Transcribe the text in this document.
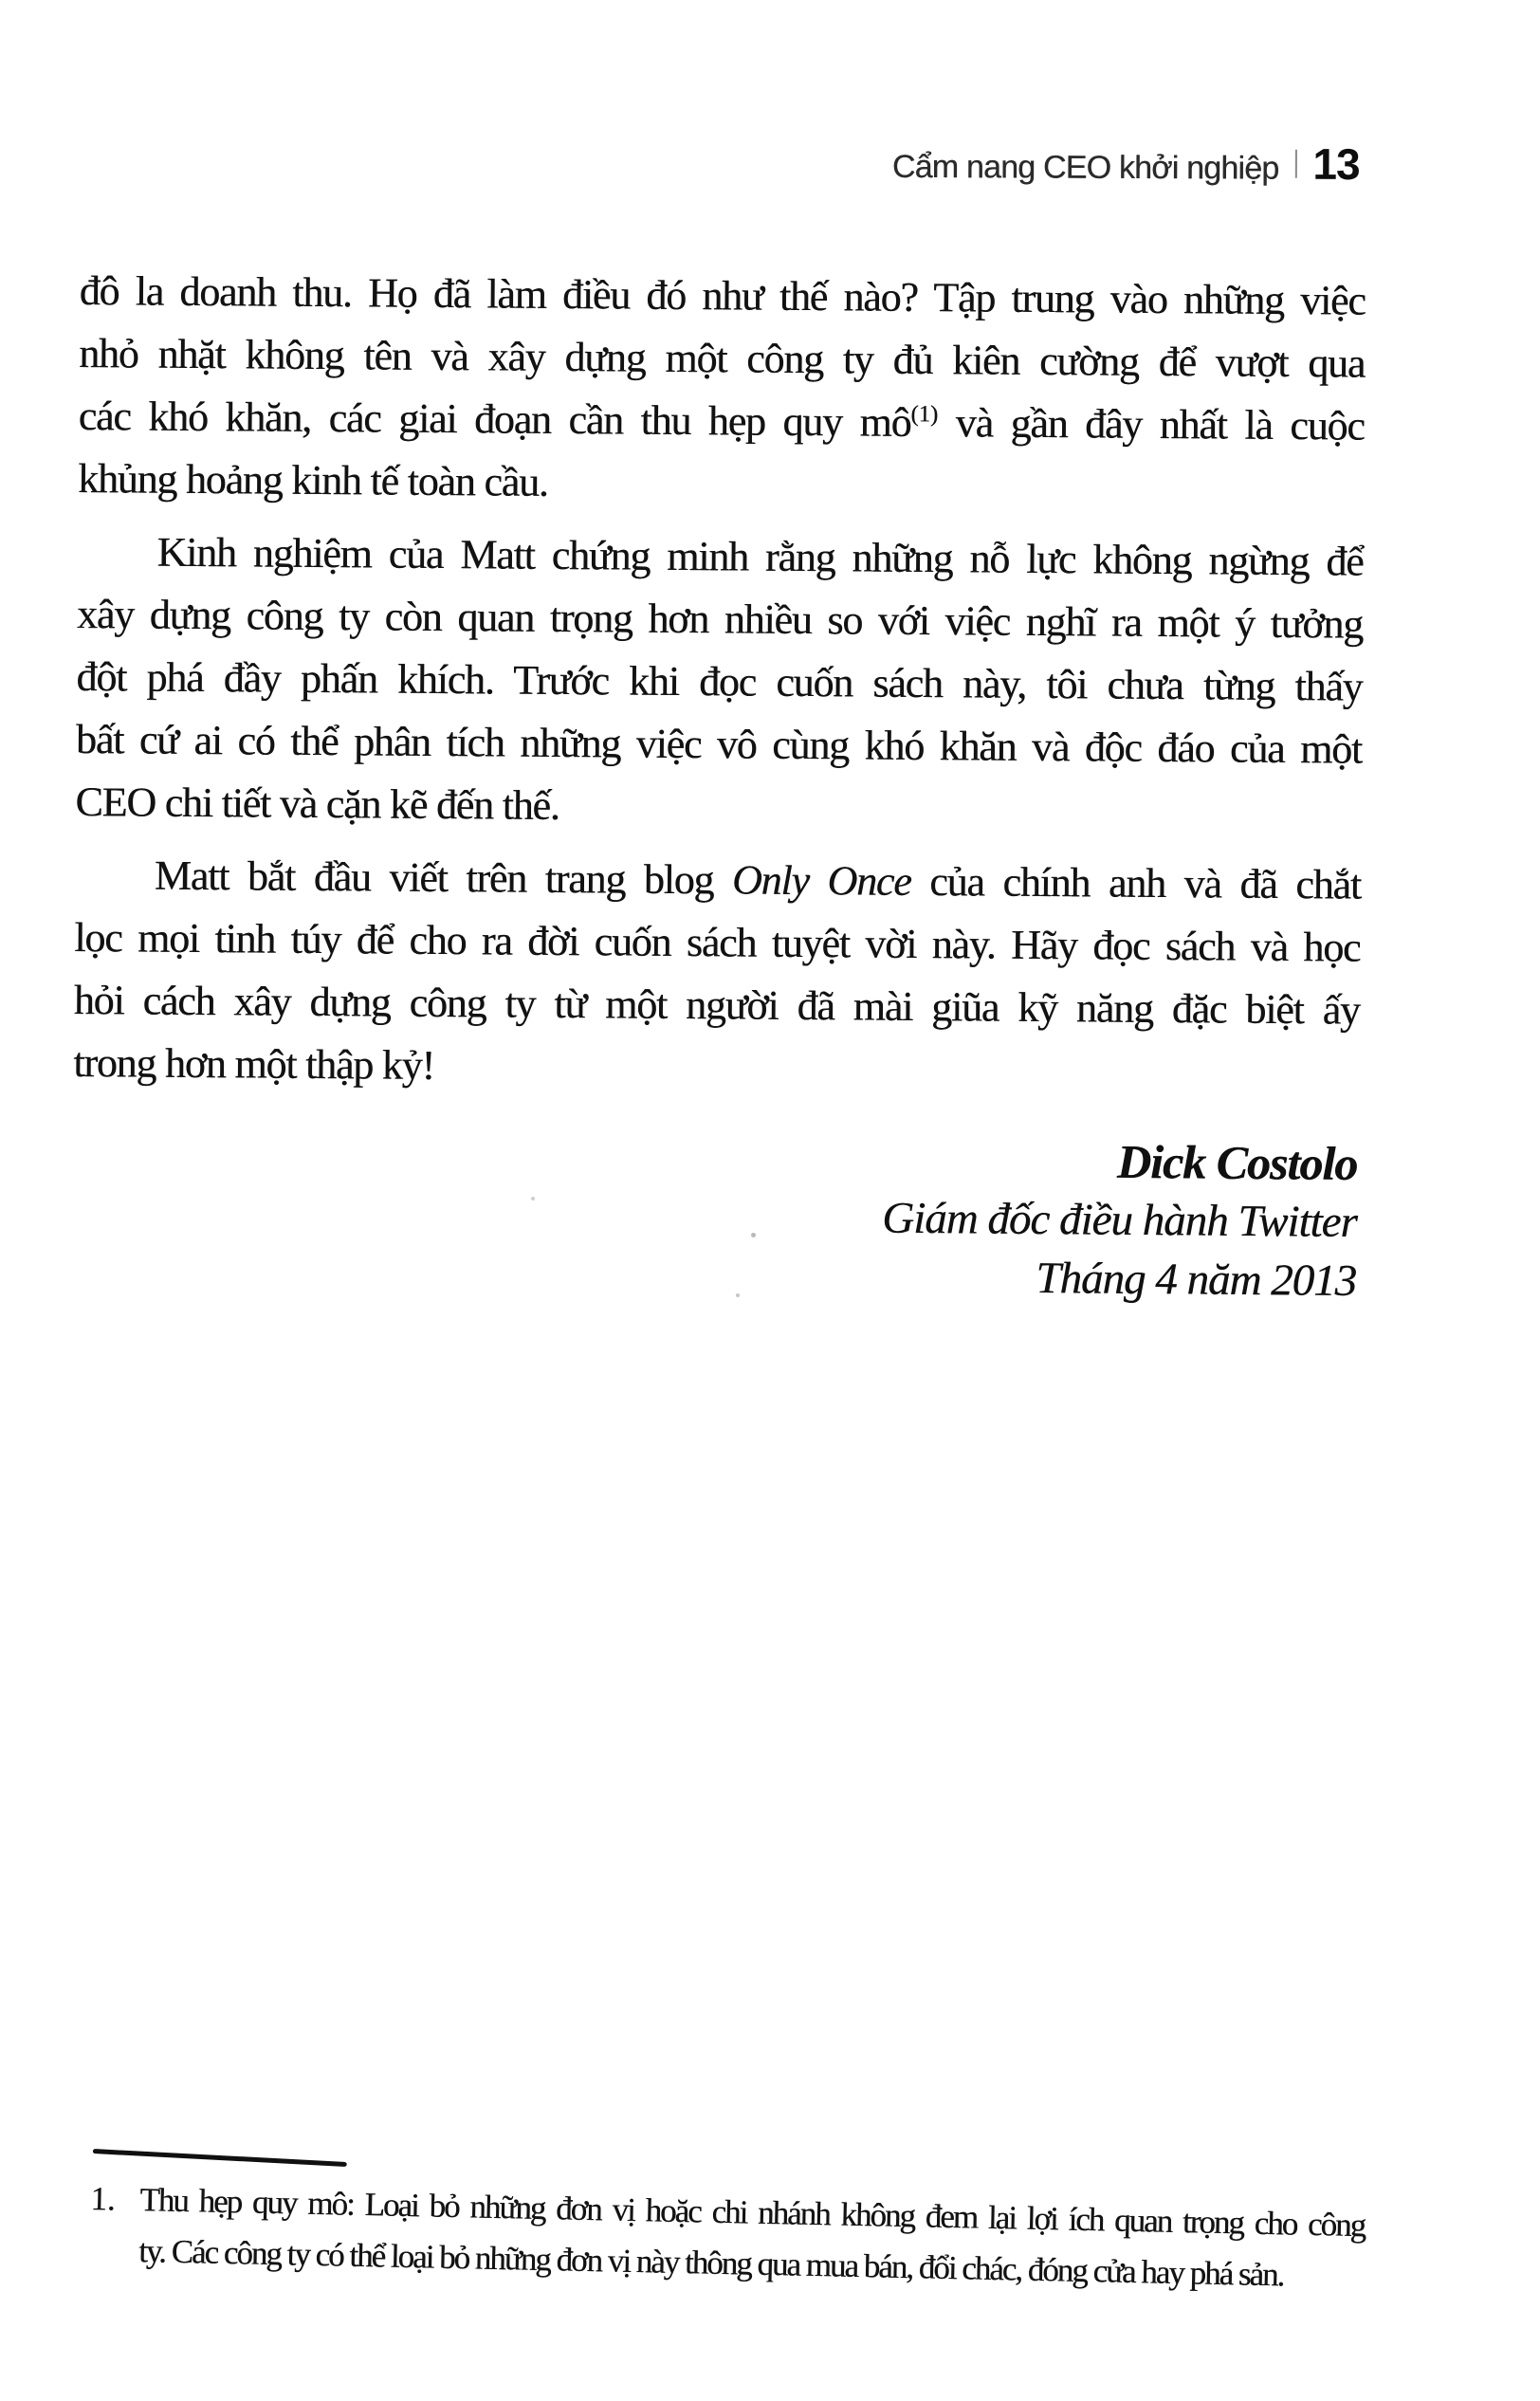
Cẩm nang CEO khởi nghiệp 13
đô la doanh thu. Họ đã làm điều đó như thế nào? Tập trung vào những việc
nhỏ nhặt không tên và xây dựng một công ty đủ kiên cường để vượt qua
các khó khăn, các giai đoạn cần thu hẹp quy $mô^{(1)}$ và gần đây nhất là cuộc
khủng hoảng kinh tế toàn cầu.
Kinh nghiệm của Matt chứng minh rằng những nỗ lực không ngừng để
xây dựng công ty còn quan trọng hơn nhiều so với việc nghĩ ra một ý tưởng
đột phá đầy phấn khích. Trước khi đọc cuốn sách này, tôi chưa từng thấy
bất cứ ai có thể phân tích những việc vô cùng khó khăn và độc đáo của một
CEO chi tiết và cặn kẽ đến thế.
Matt bắt đầu viết trên trang blog Only Once của chính anh và đã chắt
lọc mọi tinh túy để cho ra đời cuốn sách tuyệt vời này. Hãy đọc sách và học
hỏi cách xây dựng công ty từ một người đã mài giũa kỹ năng đặc biệt ấy
trong hơn một thập kỷ!
Dick Costolo
Giám đốc điều hành Twitter
Tháng 4 năm 2013
1. Thu hẹp quy mô: Loại bỏ những đơn vị hoặc chi nhánh không đem lại lợi ích quan trọng cho công
ty. Các công ty có thể loại bỏ những đơn vị này thông qua mua bán, đổi chác, đóng cửa hay phá sản.
